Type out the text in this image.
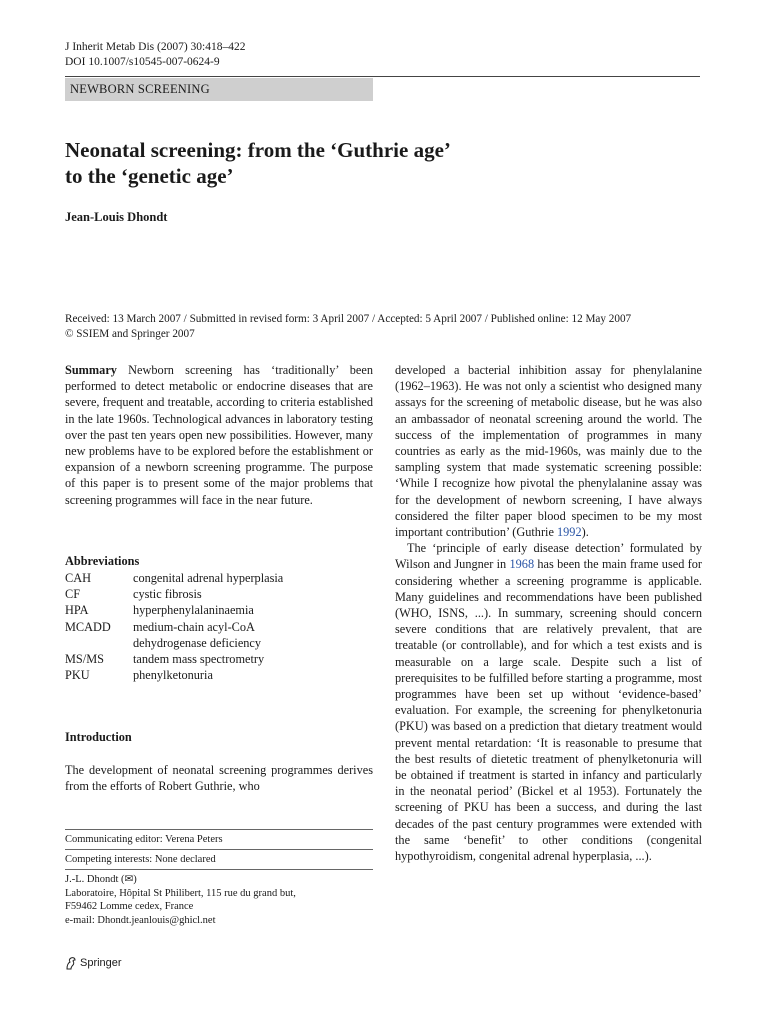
J Inherit Metab Dis (2007) 30:418–422
DOI 10.1007/s10545-007-0624-9
NEWBORN SCREENING
Neonatal screening: from the ‘Guthrie age’
to the ‘genetic age’
Jean-Louis Dhondt
Received: 13 March 2007 / Submitted in revised form: 3 April 2007 / Accepted: 5 April 2007 / Published online: 12 May 2007
© SSIEM and Springer 2007

Summary Newborn screening has ‘traditionally’ been performed to detect metabolic or endocrine diseases that are severe, frequent and treatable, according to criteria established in the late 1960s. Technological advances in laboratory testing over the past ten years open new possibilities. However, many new problems have to be explored before the establishment or expansion of a newborn screening programme. The purpose of this paper is to present some of the major problems that screening programmes will face in the near future.

Abbreviations
CAH	congenital adrenal hyperplasia
CF	cystic fibrosis
HPA	hyperphenylalaninaemia
MCADD	medium-chain acyl-CoA
dehydrogenase deficiency
MS/MS	tandem mass spectrometry
PKU	phenylketonuria
Introduction

The development of neonatal screening programmes derives from the efforts of Robert Guthrie, who

Communicating editor: Verena Peters
Competing interests: None declared
J.-L. Dhondt (✉)
Laboratoire, Hôpital St Philibert, 115 rue du grand but,
F59462 Lomme cedex, France
e-mail: Dhondt.jeanlouis@ghicl.net

developed a bacterial inhibition assay for phenylalanine (1962–1963). He was not only a scientist who designed many assays for the screening of metabolic disease, but he was also an ambassador of neonatal screening around the world. The success of the implementation of programmes in many countries as early as the mid-1960s, was mainly due to the sampling system that made systematic screening possible: ‘While I recognize how pivotal the phenylalanine assay was for the development of newborn screening, I have always considered the filter paper blood specimen to be my most important contribution’ (Guthrie 1992).

The ‘principle of early disease detection’ formulated by Wilson and Jungner in 1968 has been the main frame used for considering whether a screening programme is applicable. Many guidelines and recommendations have been published (WHO, ISNS, ...). In summary, screening should concern severe conditions that are relatively prevalent, that are treatable (or controllable), and for which a test exists and is measurable on a large scale. Despite such a list of prerequisites to be fulfilled before starting a programme, most programmes have been set up without ‘evidence-based’ evaluation. For example, the screening for phenylketonuria (PKU) was based on a prediction that dietary treatment would prevent mental retardation: ‘It is reasonable to presume that the best results of dietetic treatment of phenylketonuria will be obtained if treatment is started in infancy and particularly in the neonatal period’ (Bickel et al 1953). Fortunately the screening of PKU has been a success, and during the last decades of the past century programmes were extended with the same ‘benefit’ to other conditions (congenital hypothyroidism, congenital adrenal hyperplasia, ...).

Springer
